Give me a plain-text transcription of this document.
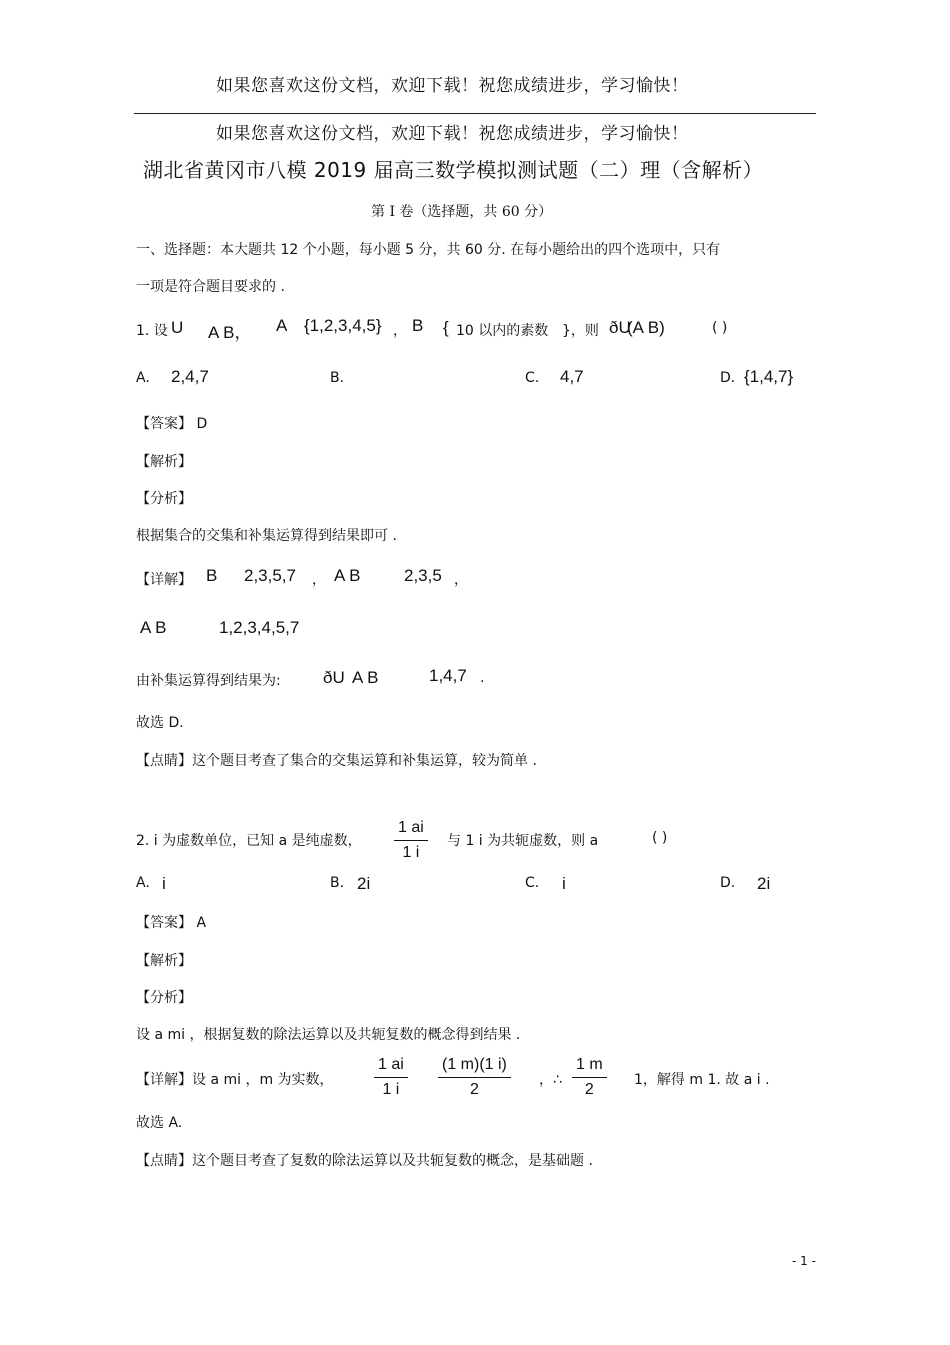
如果您喜欢这份文档，欢迎下载！祝您成绩进步，学习愉快！
如果您喜欢这份文档，欢迎下载！祝您成绩进步，学习愉快！
湖北省黄冈市八模 2019 届高三数学模拟测试题（二）理（含解析）
第 I 卷（选择题，共 60 分）
一、选择题：本大题共 12 个小题，每小题 5 分，共 60 分. 在每小题给出的四个选项中，只有
一项是符合题目要求的 .
1. 设 U A B， A {1,2,3,4,5} ， B { 10 以内的素数 }，则 ðU
(A B)	( )
A. 2,4,7	B.	C. 4,7	D. {1,4,7}
【答案】 D
【解析】
【分析】
根据集合的交集和补集运算得到结果即可 .
【详解】 B 2,3,5,7 ， A B	2,3,5 ，
A B	1,2,3,4,5,7
由补集运算得到结果为: ðU A B	1,4,7 .
故选 D.
【点睛】这个题目考查了集合的交集运算和补集运算，较为简单 .
2. i 为虚数单位，已知 a 是纯虚数，
1 ai
1 i
与 1 i 为共轭虚数，则 a	( )
A. i	B. 2i	C. i	D. 2i
【答案】 A
【解析】
【分析】
设 a mi ，根据复数的除法运算以及共轭复数的概念得到结果 .
【详解】设 a mi ，m 为实数，
1 ai
1 i
(1 m)(1 i)
2
，∴
1 m
2
1，解得 m 1. 故 a i .
故选 A.
【点睛】这个题目考查了复数的除法运算以及共轭复数的概念，是基础题 .
- 1 -
